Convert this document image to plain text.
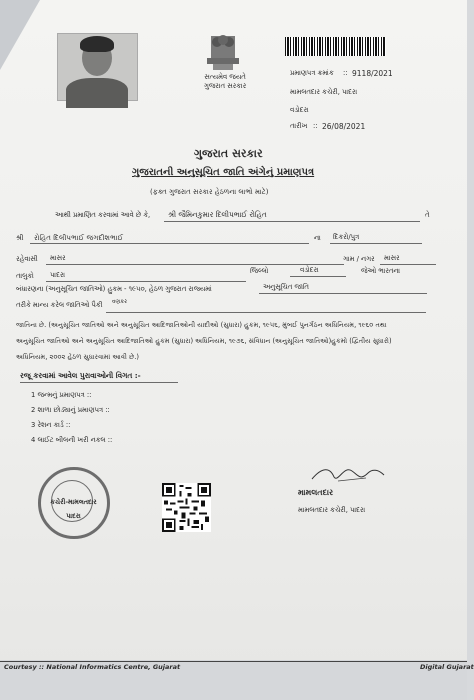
સત્યમેવ જયતે
ગુજરાત સરકાર
પ્રમાણપત્ર ક્રમાંક :: 9118/2021
મામલતદાર કચેરી, પાદરા
વડોદરા
તારીખ :: 26/08/2021
ગુજરાત સરકાર
ગુજરાતની અનુસૂચિત જાતિ અંગેનું પ્રમાણપત્ર
(ફક્ત ગુજરાત સરકાર હેઠળના લાભો માટે)
આથી પ્રમાણિત કરવામાં આવે છે કે, શ્રી જૈમિનકુમાર દિલીપભાઈ રોહિત	તે
શ્રી રોહિત દિલીપભાઈ જગદીશભાઈ	ના દિકરો/પુત્ર
રહેવાસી માસર	ગામ / નગર માસર
તાલુકો પાદરા	જિલ્લો	વડોદરા	જેઓ ભારતના
બંધારણના (અનુસૂચિત જાતિઓ) હુકમ - ૧૯૫૦, હેઠળ ગુજરાત રાજ્યમાં	અનુસૂચિત જાતિ
તરીકે માન્ય કરેલ જાતિઓ પૈકી વણકર
જાતિના છે. (અનુસૂચિત જાતિઓ અને અનુસૂચિત આદિજાતિઓની યાદીઓ (સુધારા) હુકમ, ૧૯૫૬, મુંબઈ પુનર્ગઠન અધિનિયમ, ૧૯૬૦ તથા
અનુસૂચિત જાતિઓ અને અનુસૂચિત આદિજાતિઓ હુકમ (સુધારા) અધિનિયમ, ૧૯૭૬, સંવિધાન (અનુસૂચિત જાતિઓ)હુકમો (દ્વિતીય સુધારો)
અધિનિયમ, ૨૦૦૨ હેઠળ સુધારવામાં આવી છે.)
રજૂ કરવામાં આવેલ પુરાવાઓની વિગત :-
1 જન્મનું પ્રમાણપત્ર ::
2 શાળા છોડ્યાનું પ્રમાણપત્ર ::
3 રેશન કાર્ડ ::
4 લાઈટ બીલની ખરી નકલ ::
કચેરી-મામલતદાર
પાદરા
મામલતદાર
મામલતદાર કચેરી, પાદરા
Courtesy :: National Informatics Centre, Gujarat	Digital Gujarat
